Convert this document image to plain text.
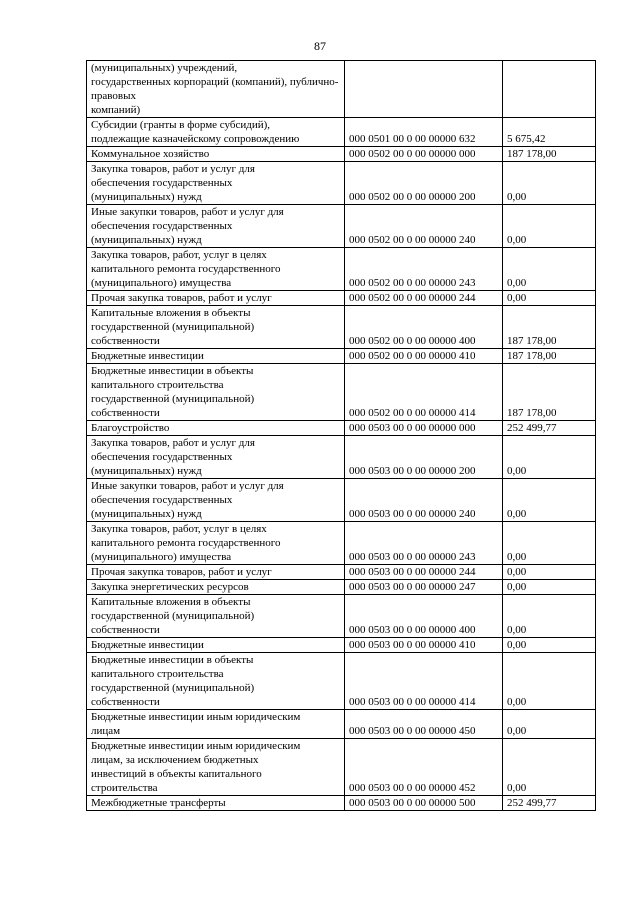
87
(муниципальных) учреждений,
государственных корпораций (компаний), публично-правовых
компаний)		
Субсидии (гранты в форме субсидий),
подлежащие казначейскому сопровождению	000 0501 00 0 00 00000 632	5 675,42
Коммунальное хозяйство	000 0502 00 0 00 00000 000	187 178,00
Закупка товаров, работ и услуг для
обеспечения государственных
(муниципальных) нужд	000 0502 00 0 00 00000 200	0,00
Иные закупки товаров, работ и услуг для
обеспечения государственных
(муниципальных) нужд	000 0502 00 0 00 00000 240	0,00
Закупка товаров, работ, услуг в целях
капитального ремонта государственного
(муниципального) имущества	000 0502 00 0 00 00000 243	0,00
Прочая закупка товаров, работ и услуг	000 0502 00 0 00 00000 244	0,00
Капитальные вложения в объекты
государственной (муниципальной)
собственности	000 0502 00 0 00 00000 400	187 178,00
Бюджетные инвестиции	000 0502 00 0 00 00000 410	187 178,00
Бюджетные инвестиции в объекты
капитального строительства
государственной (муниципальной)
собственности	000 0502 00 0 00 00000 414	187 178,00
Благоустройство	000 0503 00 0 00 00000 000	252 499,77
Закупка товаров, работ и услуг для
обеспечения государственных
(муниципальных) нужд	000 0503 00 0 00 00000 200	0,00
Иные закупки товаров, работ и услуг для
обеспечения государственных
(муниципальных) нужд	000 0503 00 0 00 00000 240	0,00
Закупка товаров, работ, услуг в целях
капитального ремонта государственного
(муниципального) имущества	000 0503 00 0 00 00000 243	0,00
Прочая закупка товаров, работ и услуг	000 0503 00 0 00 00000 244	0,00
Закупка энергетических ресурсов	000 0503 00 0 00 00000 247	0,00
Капитальные вложения в объекты
государственной (муниципальной)
собственности	000 0503 00 0 00 00000 400	0,00
Бюджетные инвестиции	000 0503 00 0 00 00000 410	0,00
Бюджетные инвестиции в объекты
капитального строительства
государственной (муниципальной)
собственности	000 0503 00 0 00 00000 414	0,00
Бюджетные инвестиции иным юридическим
лицам	000 0503 00 0 00 00000 450	0,00
Бюджетные инвестиции иным юридическим
лицам, за исключением бюджетных
инвестиций в объекты капитального
строительства	000 0503 00 0 00 00000 452	0,00
Межбюджетные трансферты	000 0503 00 0 00 00000 500	252 499,77
